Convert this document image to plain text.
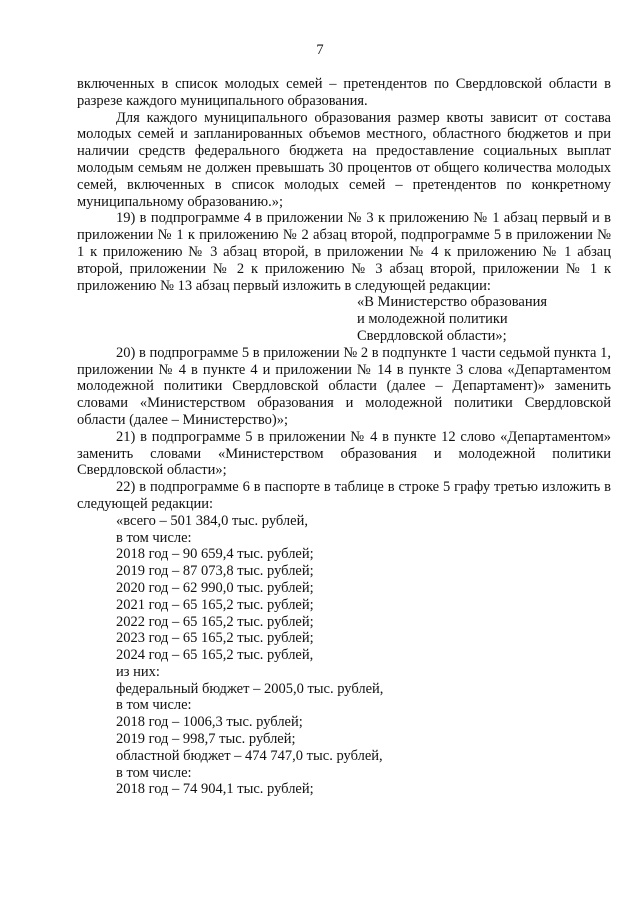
7

включенных в список молодых семей – претендентов по Свердловской области в разрезе каждого муниципального образования.

Для каждого муниципального образования размер квоты зависит от состава молодых семей и запланированных объемов местного, областного бюджетов и при наличии средств федерального бюджета на предоставление социальных выплат молодым семьям не должен превышать 30 процентов от общего количества молодых семей, включенных в список молодых семей – претендентов по конкретному муниципальному образованию.»;

19) в подпрограмме 4 в приложении № 3 к приложению № 1 абзац первый и в приложении № 1 к приложению № 2 абзац второй, подпрограмме 5 в приложении № 1 к приложению № 3 абзац второй, в приложении № 4 к приложению № 1 абзац второй, приложении № 2 к приложению № 3 абзац второй, приложении № 1 к приложению № 13 абзац первый изложить в следующей редакции:

«В Министерство образования
и молодежной политики
Свердловской области»;

20) в подпрограмме 5 в приложении № 2 в подпункте 1 части седьмой пункта 1, приложении № 4 в пункте 4 и приложении № 14 в пункте 3 слова «Департаментом молодежной политики Свердловской области (далее – Департамент)» заменить словами «Министерством образования и молодежной политики Свердловской области (далее – Министерство)»;

21) в подпрограмме 5 в приложении № 4 в пункте 12 слово «Департаментом» заменить словами «Министерством образования и молодежной политики Свердловской области»;

22) в подпрограмме 6 в паспорте в таблице в строке 5 графу третью изложить в следующей редакции:

«всего – 501 384,0 тыс. рублей,
в том числе:
2018 год – 90 659,4 тыс. рублей;
2019 год – 87 073,8 тыс. рублей;
2020 год – 62 990,0 тыс. рублей;
2021 год – 65 165,2 тыс. рублей;
2022 год – 65 165,2 тыс. рублей;
2023 год – 65 165,2 тыс. рублей;
2024 год – 65 165,2 тыс. рублей,
из них:
федеральный бюджет – 2005,0 тыс. рублей,
в том числе:
2018 год – 1006,3 тыс. рублей;
2019 год – 998,7 тыс. рублей;
областной бюджет – 474 747,0 тыс. рублей,
в том числе:
2018 год – 74 904,1 тыс. рублей;
